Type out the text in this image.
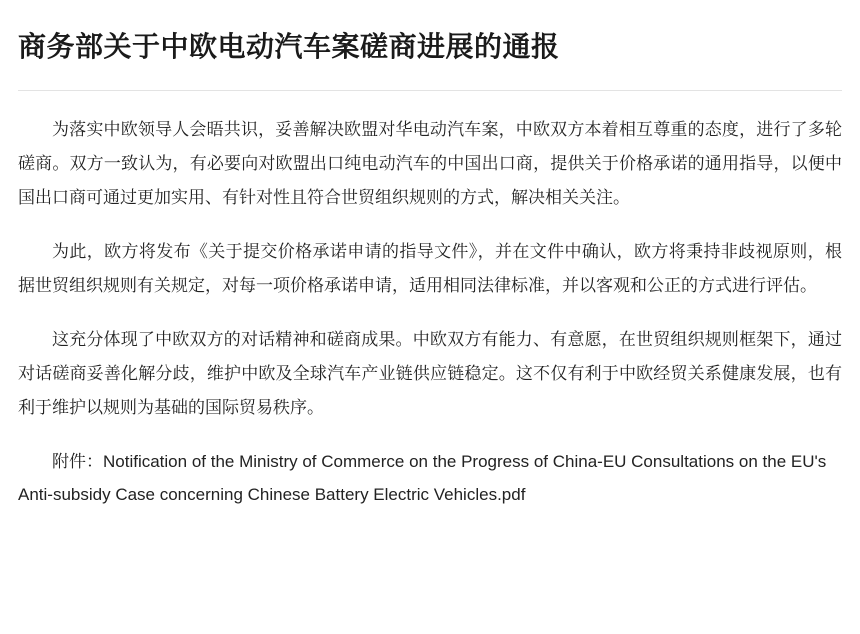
商务部关于中欧电动汽车案磋商进展的通报

为落实中欧领导人会晤共识，妥善解决欧盟对华电动汽车案，中欧双方本着相互尊重的态度，进行了多轮磋商。双方一致认为，有必要向对欧盟出口纯电动汽车的中国出口商，提供关于价格承诺的通用指导，以便中国出口商可通过更加实用、有针对性且符合世贸组织规则的方式，解决相关关注。

为此，欧方将发布《关于提交价格承诺申请的指导文件》，并在文件中确认，欧方将秉持非歧视原则，根据世贸组织规则有关规定，对每一项价格承诺申请，适用相同法律标准，并以客观和公正的方式进行评估。

这充分体现了中欧双方的对话精神和磋商成果。中欧双方有能力、有意愿，在世贸组织规则框架下，通过对话磋商妥善化解分歧，维护中欧及全球汽车产业链供应链稳定。这不仅有利于中欧经贸关系健康发展，也有利于维护以规则为基础的国际贸易秩序。

附件：Notification of the Ministry of Commerce on the Progress of China-EU Consultations on the EU's Anti-subsidy Case concerning Chinese Battery Electric Vehicles.pdf
